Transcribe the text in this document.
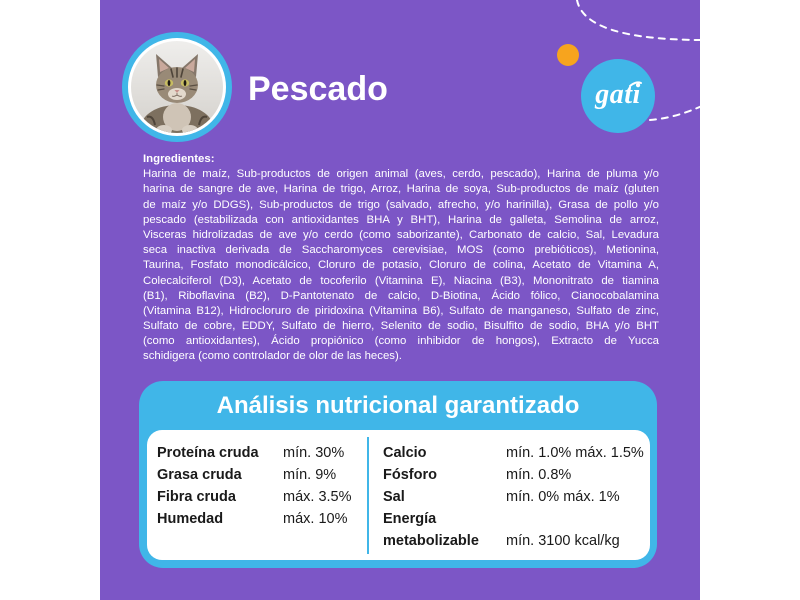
gati
Pescado
Ingredientes:
Harina de maíz, Sub-productos de origen animal (aves, cerdo, pescado), Harina de pluma y/o
harina de sangre de ave, Harina de trigo, Arroz, Harina de soya, Sub-productos de maíz (gluten
de maíz y/o DDGS), Sub-productos de trigo (salvado, afrecho, y/o harinilla), Grasa de pollo y/o
pescado (estabilizada con antioxidantes BHA y BHT), Harina de galleta, Semolina de arroz,
Visceras hidrolizadas de ave y/o cerdo (como saborizante), Carbonato de calcio, Sal, Levadura
seca inactiva derivada de Saccharomyces cerevisiae, MOS (como prebióticos), Metionina,
Taurina, Fosfato monodicálcico, Cloruro de potasio, Cloruro de colina, Acetato de Vitamina A,
Colecalciferol (D3), Acetato de tocoferilo (Vitamina E), Niacina (B3), Mononitrato de tiamina
(B1), Riboflavina (B2), D-Pantotenato de calcio, D-Biotina, Ácido fólico, Cianocobalamina
(Vitamina B12), Hidrocloruro de piridoxina (Vitamina B6), Sulfato de manganeso, Sulfato de zinc,
Sulfato de cobre, EDDY, Sulfato de hierro, Selenito de sodio, Bisulfito de sodio, BHA y/o BHT
(como antioxidantes), Ácido propiónico (como inhibidor de hongos), Extracto de Yucca
schidigera (como controlador de olor de las heces).
Análisis nutricional garantizado
Proteína cruda	mín. 30%
Grasa cruda	mín. 9%
Fibra cruda	máx. 3.5%
Humedad	máx. 10%
Calcio	mín. 1.0% máx. 1.5%
Fósforo	mín. 0.8%
Sal	mín. 0% máx. 1%
Energía metabolizable	mín. 3100 kcal/kg
